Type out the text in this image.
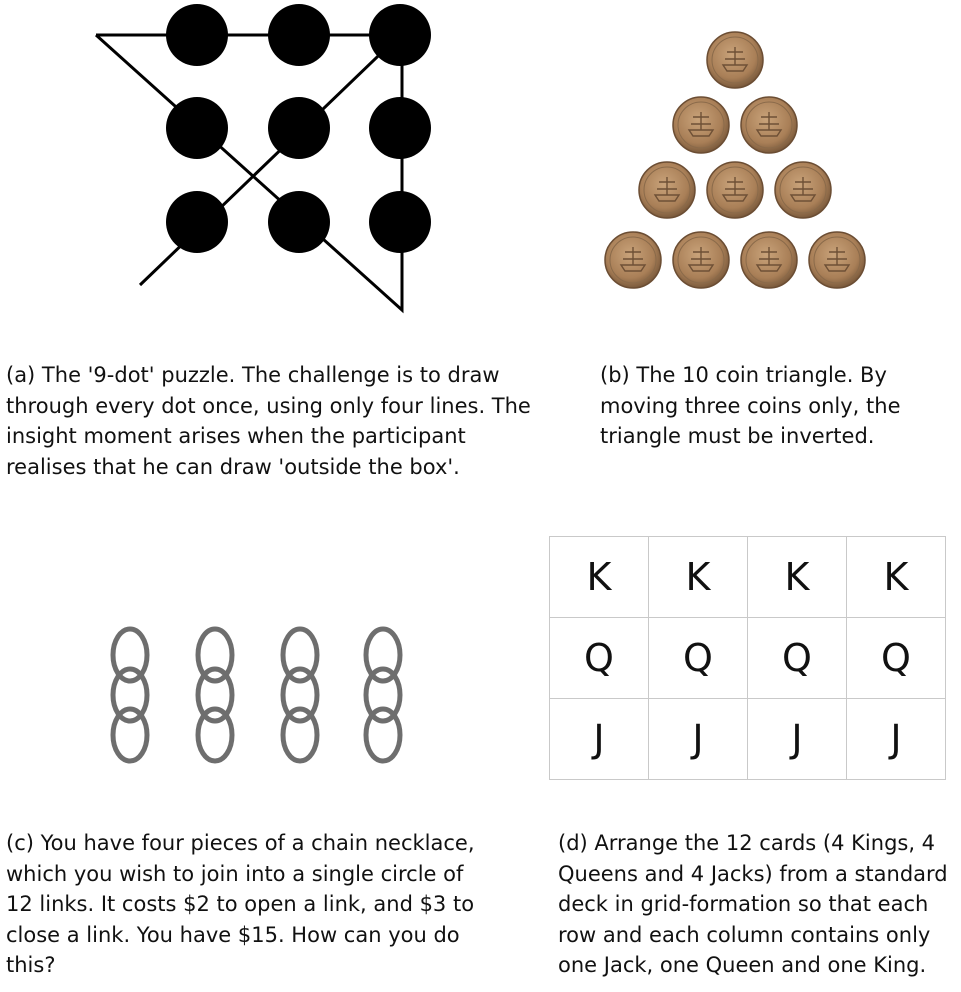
K	K	K	K
Q	Q	Q	Q
J	J	J	J

(a) The '9-dot' puzzle. The challenge is to draw
through every dot once, using only four lines. The
insight moment arises when the participant
realises that he can draw 'outside the box'.

(b) The 10 coin triangle. By
moving three coins only, the
triangle must be inverted.

(c) You have four pieces of a chain necklace,
which you wish to join into a single circle of
12 links. It costs $2 to open a link, and $3 to
close a link. You have $15. How can you do
this?

(d) Arrange the 12 cards (4 Kings, 4
Queens and 4 Jacks) from a standard
deck in grid-formation so that each
row and each column contains only
one Jack, one Queen and one King.
